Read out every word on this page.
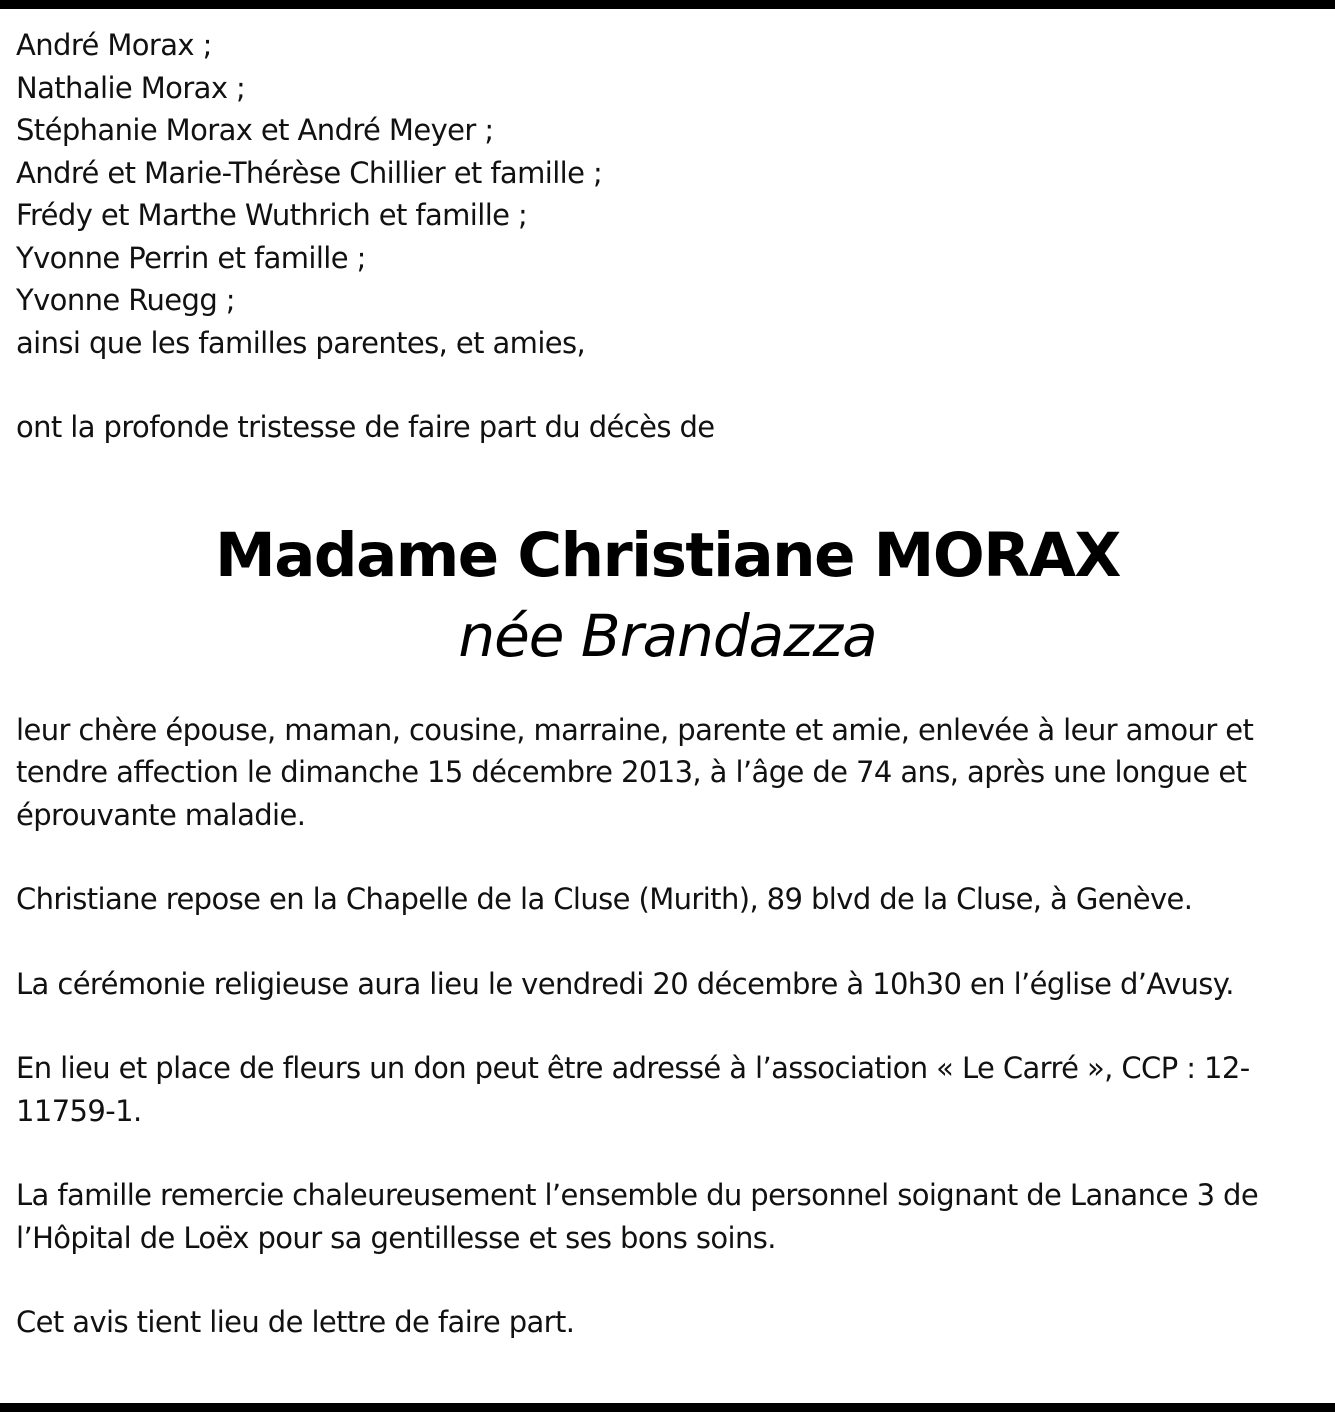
André Morax ;
Nathalie Morax ;
Stéphanie Morax et André Meyer ;
André et Marie-Thérèse Chillier et famille ;
Frédy et Marthe Wuthrich et famille ;
Yvonne Perrin et famille ;
Yvonne Ruegg ;
ainsi que les familles parentes, et amies,

ont la profonde tristesse de faire part du décès de

Madame Christiane MORAX
née Brandazza

leur chère épouse, maman, cousine, marraine, parente et amie, enlevée à leur amour et tendre affection le dimanche 15 décembre 2013, à l’âge de 74 ans, après une longue et éprouvante maladie.

Christiane repose en la Chapelle de la Cluse (Murith), 89 blvd de la Cluse, à Genève.

La cérémonie religieuse aura lieu le vendredi 20 décembre à 10h30 en l’église d’Avusy.

En lieu et place de fleurs un don peut être adressé à l’association « Le Carré », CCP : 12-11759-1.

La famille remercie chaleureusement l’ensemble du personnel soignant de Lanance 3 de l’Hôpital de Loëx pour sa gentillesse et ses bons soins.

Cet avis tient lieu de lettre de faire part.
